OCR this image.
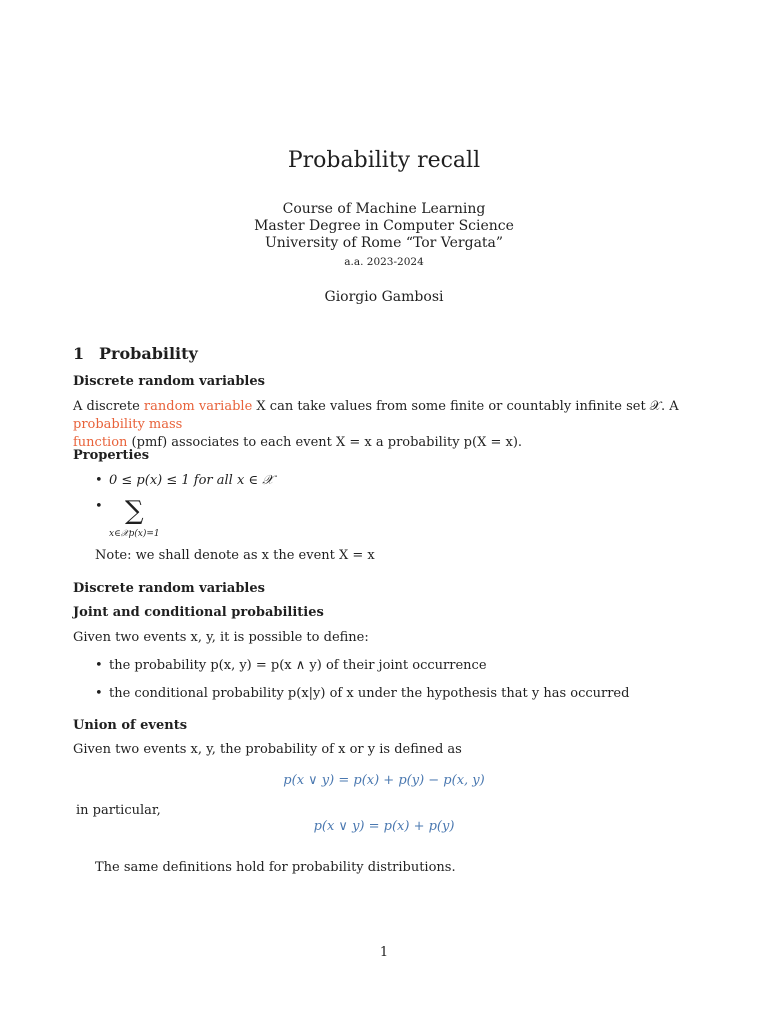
Probability recall
Course of Machine Learning
Master Degree in Computer Science
University of Rome “Tor Vergata”
a.a. 2023-2024
Giorgio Gambosi
1 Probability
Discrete random variables
A discrete random variable X can take values from some finite or countably infinite set 𝒳. A probability mass
function (pmf) associates to each event X = x a probability p(X = x).
Properties
• 0 ≤ p(x) ≤ 1 for all x ∈ 𝒳
• ∑
x∈𝒳p(x)=1
Note: we shall denote as x the event X = x
Discrete random variables
Joint and conditional probabilities
Given two events x, y, it is possible to define:
• the probability p(x, y) = p(x ∧ y) of their joint occurrence
• the conditional probability p(x|y) of x under the hypothesis that y has occurred
Union of events
Given two events x, y, the probability of x or y is defined as
p(x ∨ y) = p(x) + p(y) − p(x, y)
in particular,
p(x ∨ y) = p(x) + p(y)
The same definitions hold for probability distributions.
1
